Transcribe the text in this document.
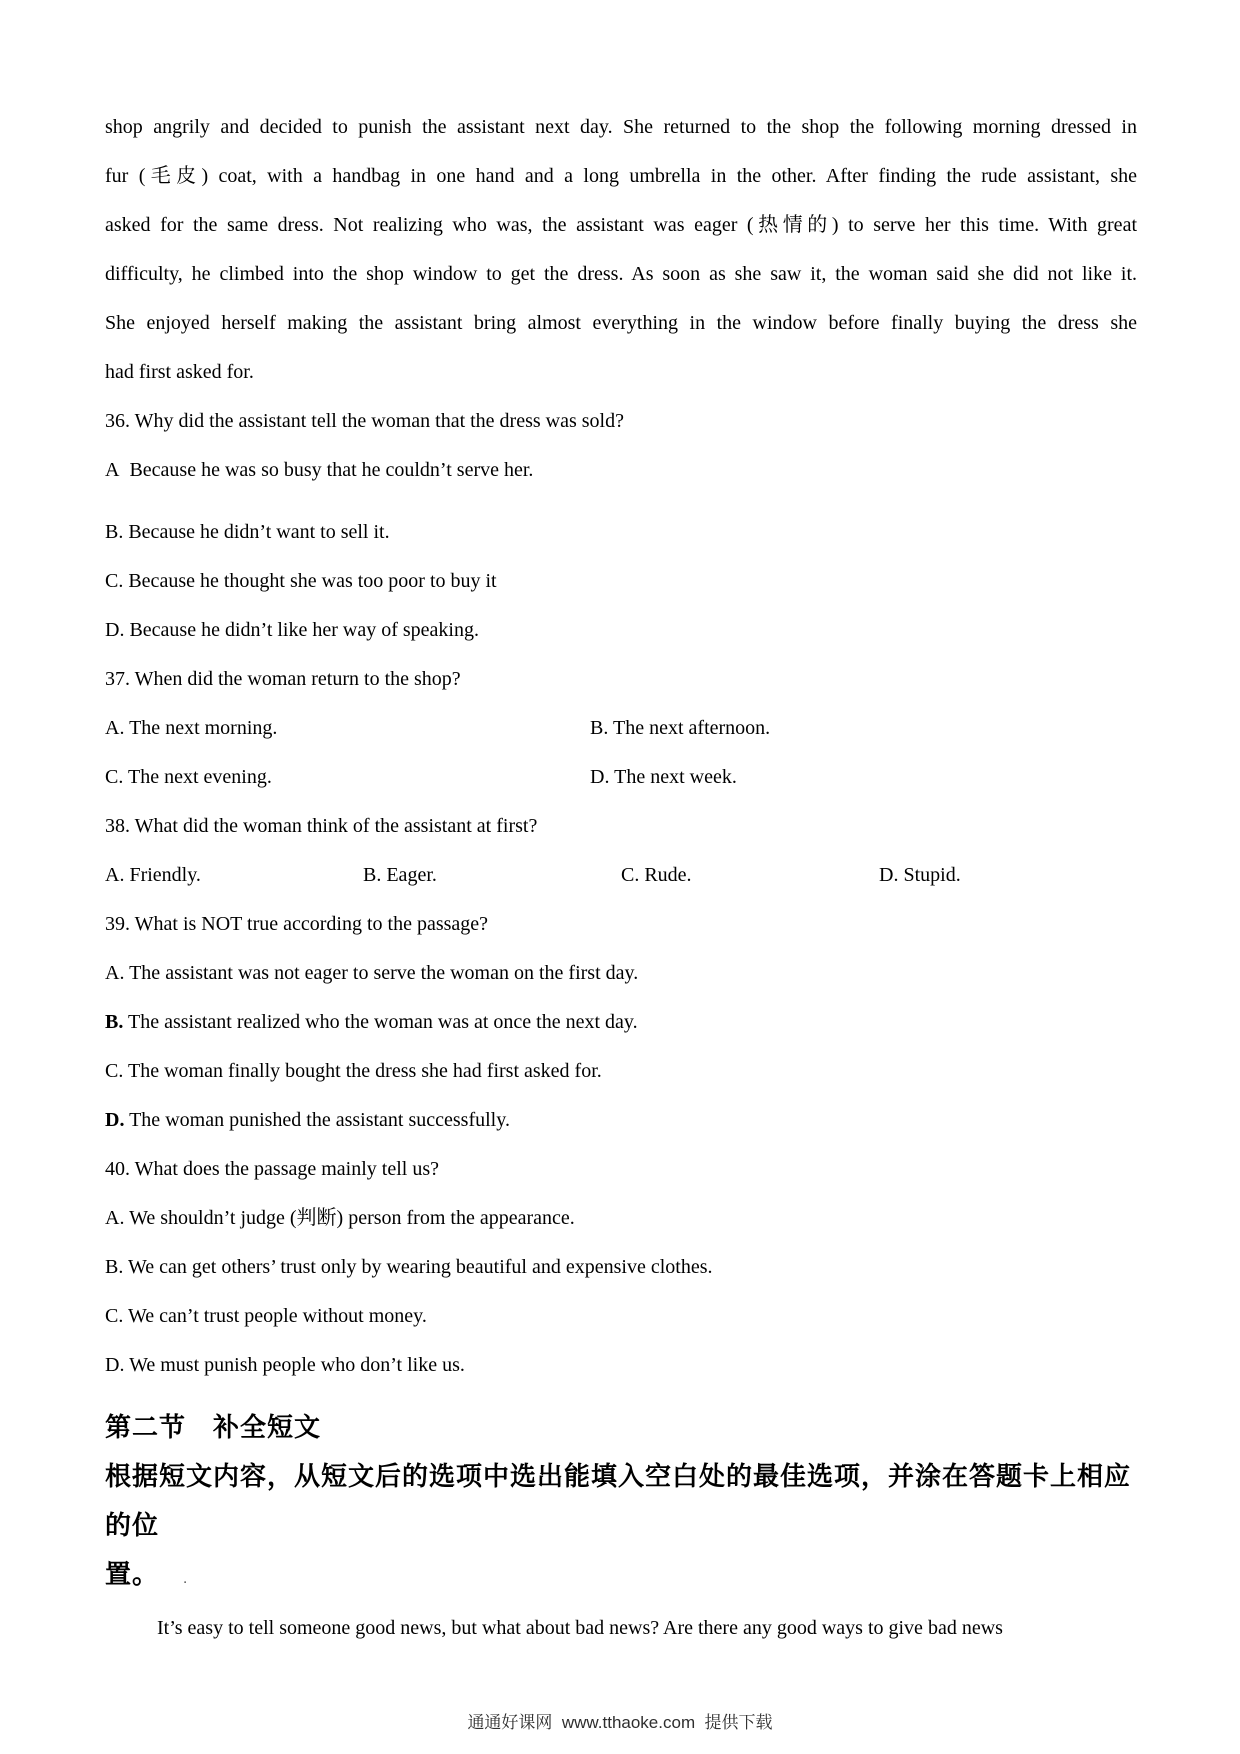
shop angrily and decided to punish the assistant next day. She returned to the shop the following morning dressed in
fur (毛皮) coat, with a handbag in one hand and a long umbrella in the other. After finding the rude assistant, she
asked for the same dress. Not realizing who was, the assistant was eager (热情的) to serve her this time. With great
difficulty, he climbed into the shop window to get the dress. As soon as she saw it, the woman said she did not like it.
She enjoyed herself making the assistant bring almost everything in the window before finally buying the dress she
had first asked for.
36. Why did the assistant tell the woman that the dress was sold?
A Because he was so busy that he couldn’t serve her.
B. Because he didn’t want to sell it.
C. Because he thought she was too poor to buy it
D. Because he didn’t like her way of speaking.
37. When did the woman return to the shop?
A. The next morning.	B. The next afternoon.
C. The next evening.	D. The next week.
38. What did the woman think of the assistant at first?
A. Friendly.	B. Eager.	C. Rude.	D. Stupid.
39. What is NOT true according to the passage?
A. The assistant was not eager to serve the woman on the first day.
B. The assistant realized who the woman was at once the next day.
C. The woman finally bought the dress she had first asked for.
D. The woman punished the assistant successfully.
40. What does the passage mainly tell us?
A. We shouldn’t judge (判断) person from the appearance.
B. We can get others’ trust only by wearing beautiful and expensive clothes.
C. We can’t trust people without money.
D. We must punish people who don’t like us.
第二节　补全短文
根据短文内容，从短文后的选项中选出能填入空白处的最佳选项，并涂在答题卡上相应的位
置。 .
It’s easy to tell someone good news, but what about bad news? Are there any good ways to give bad news
通通好课网  www.tthaoke.com  提供下载
